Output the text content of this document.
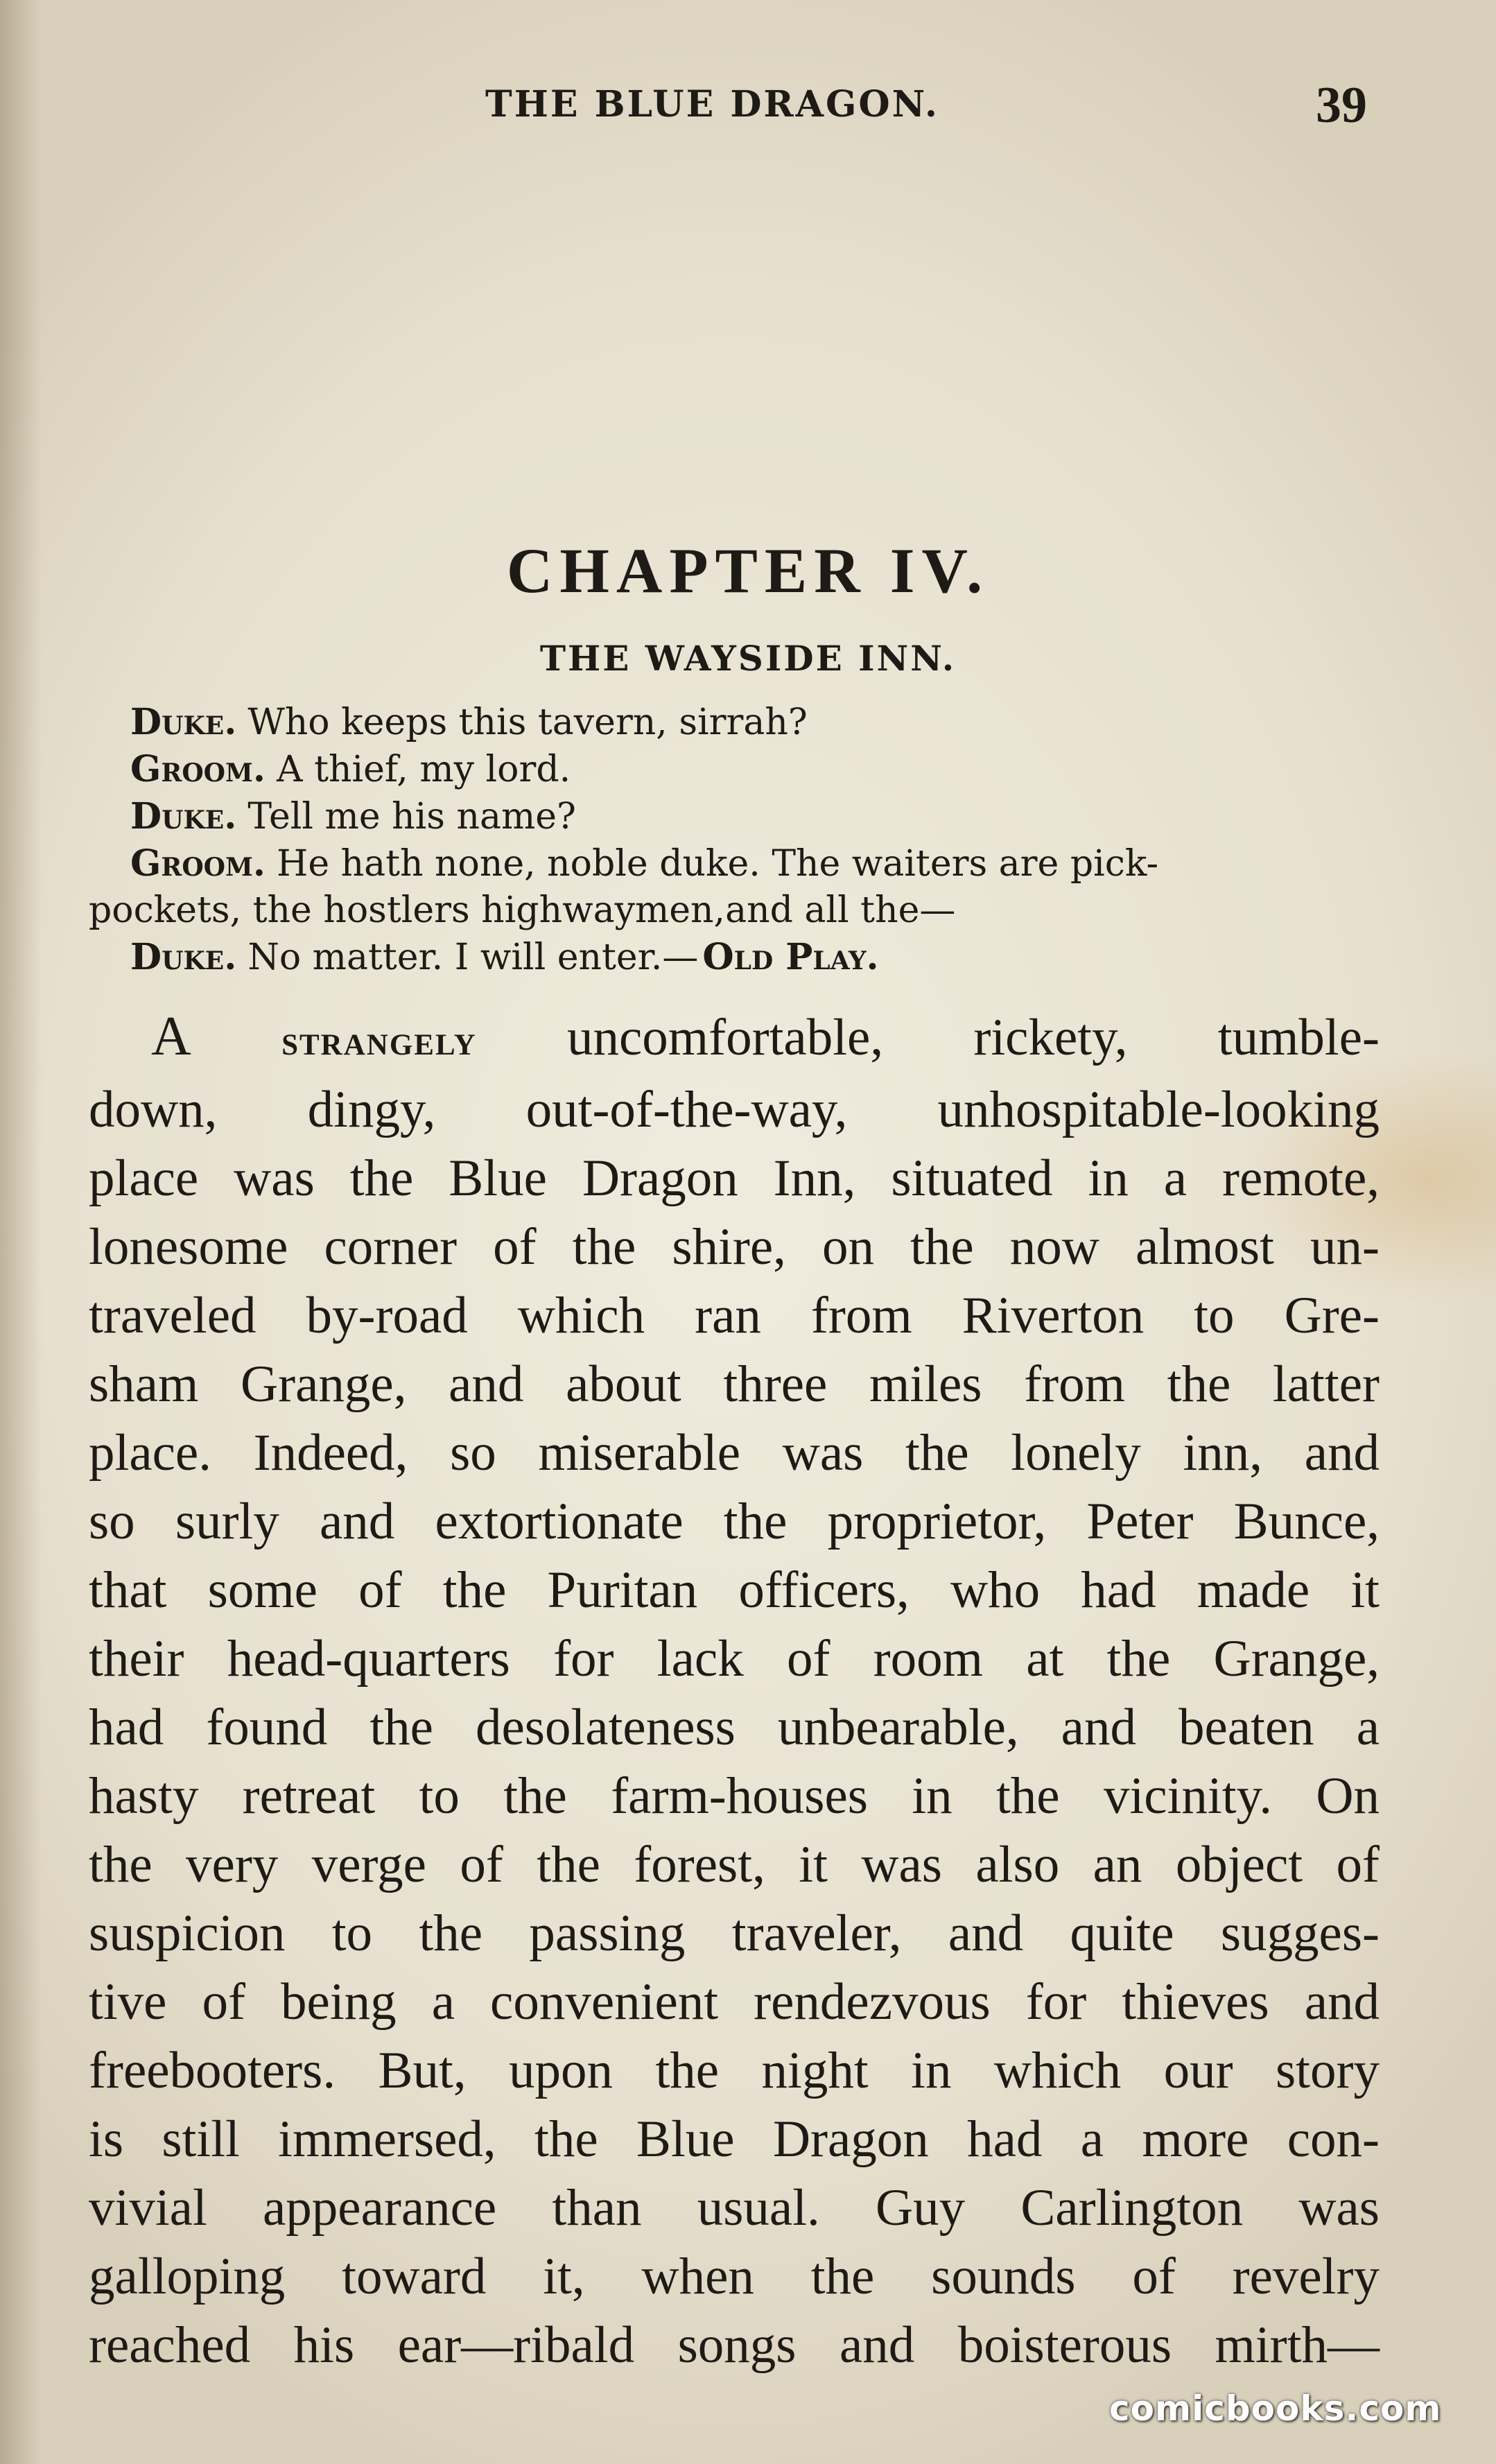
THE BLUE DRAGON.	39
CHAPTER IV.
THE WAYSIDE INN.
Duke. Who keeps this tavern, sirrah?
Groom. A thief, my lord.
Duke. Tell me his name?
Groom. He hath none, noble duke. The waiters are pick-
pockets, the hostlers highwaymen,and all the—
Duke. No matter. I will enter.— Old Play.
A strangely uncomfortable, rickety, tumble-
down, dingy, out-of-the-way, unhospitable-looking
place was the Blue Dragon Inn, situated in a remote,
lonesome corner of the shire, on the now almost un-
traveled by-road which ran from Riverton to Gre-
sham Grange, and about three miles from the latter
place. Indeed, so miserable was the lonely inn, and
so surly and extortionate the proprietor, Peter Bunce,
that some of the Puritan officers, who had made it
their head-quarters for lack of room at the Grange,
had found the desolateness unbearable, and beaten a
hasty retreat to the farm-houses in the vicinity. On
the very verge of the forest, it was also an object of
suspicion to the passing traveler, and quite sugges-
tive of being a convenient rendezvous for thieves and
freebooters. But, upon the night in which our story
is still immersed, the Blue Dragon had a more con-
vivial appearance than usual. Guy Carlington was
galloping toward it, when the sounds of revelry
reached his ear—ribald songs and boisterous mirth—
comicbooks.com
